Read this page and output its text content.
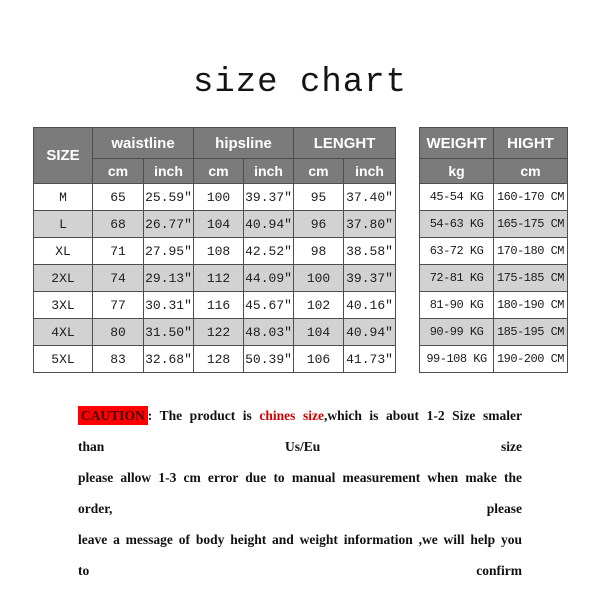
size chart
SIZE	waistline		hipsline		LENGHT	
	cm	inch	cm	inch	cm	inch
M	65	25.59″	100	39.37″	95	37.40″
L	68	26.77″	104	40.94″	96	37.80″
XL	71	27.95″	108	42.52″	98	38.58″
2XL	74	29.13″	112	44.09″	100	39.37″
3XL	77	30.31″	116	45.67″	102	40.16″
4XL	80	31.50″	122	48.03″	104	40.94″
5XL	83	32.68″	128	50.39″	106	41.73″
WEIGHT	HIGHT
kg	cm
45-54 KG	160-170 CM
54-63 KG	165-175 CM
63-72 KG	170-180 CM
72-81 KG	175-185 CM
81-90 KG	180-190 CM
90-99 KG	185-195 CM
99-108 KG	190-200 CM
CAUTION : The product is chines size,which is about 1-2 Size smaler than Us/Eu size
please allow 1-3 cm error due to manual measurement when make the order, please
leave a message of body height and weight information ,we will help you to confirm
